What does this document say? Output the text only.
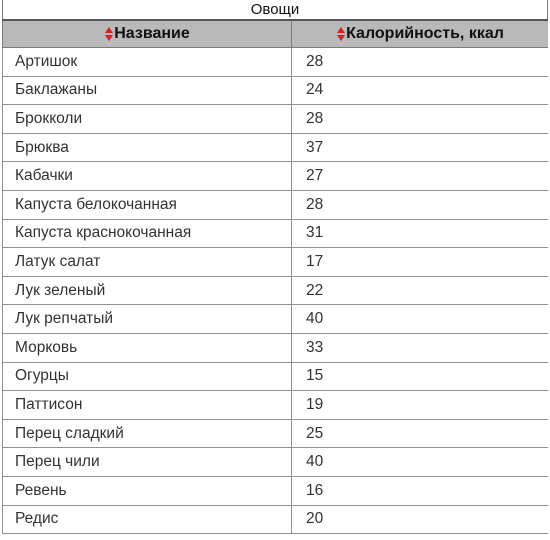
Овощи
Название	Калорийность, ккал
Артишок	28
Баклажаны	24
Брокколи	28
Брюква	37
Кабачки	27
Капуста белокочанная	28
Капуста краснокочанная	31
Латук салат	17
Лук зеленый	22
Лук репчатый	40
Морковь	33
Огурцы	15
Паттисон	19
Перец сладкий	25
Перец чили	40
Ревень	16
Редис	20
